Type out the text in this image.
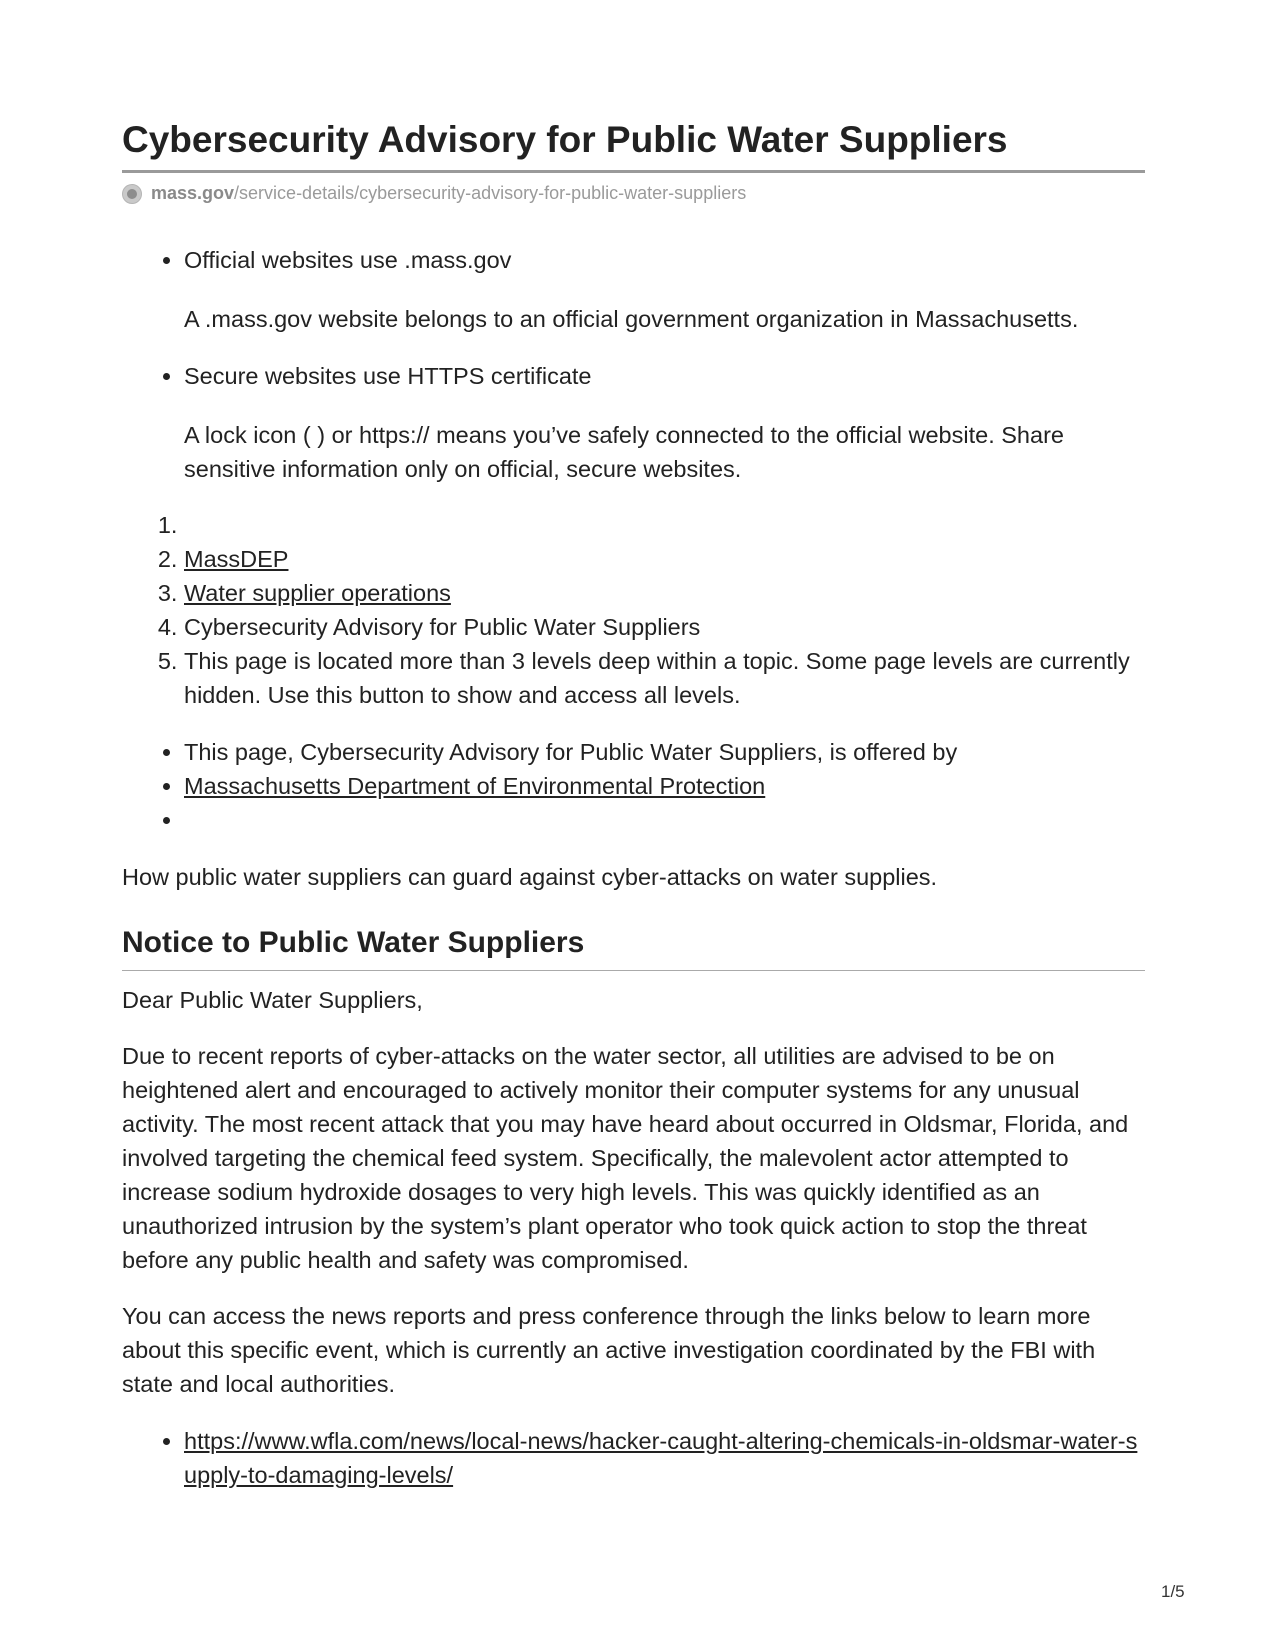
Cybersecurity Advisory for Public Water Suppliers
mass.gov /service-details/cybersecurity-advisory-for-public-water-suppliers
• Official websites use .mass.gov
A .mass.gov website belongs to an official government organization in Massachusetts.
• Secure websites use HTTPS certificate
A lock icon ( ) or https:// means you’ve safely connected to the official website. Share sensitive information only on official, secure websites.
1.
2. MassDEP
3. Water supplier operations
4. Cybersecurity Advisory for Public Water Suppliers
5. This page is located more than 3 levels deep within a topic. Some page levels are currently hidden. Use this button to show and access all levels.
• This page, Cybersecurity Advisory for Public Water Suppliers, is offered by
• Massachusetts Department of Environmental Protection
•

How public water suppliers can guard against cyber-attacks on water supplies.

Notice to Public Water Suppliers

Dear Public Water Suppliers,

Due to recent reports of cyber-attacks on the water sector, all utilities are advised to be on heightened alert and encouraged to actively monitor their computer systems for any unusual activity. The most recent attack that you may have heard about occurred in Oldsmar, Florida, and involved targeting the chemical feed system. Specifically, the malevolent actor attempted to increase sodium hydroxide dosages to very high levels. This was quickly identified as an unauthorized intrusion by the system’s plant operator who took quick action to stop the threat before any public health and safety was compromised.

You can access the news reports and press conference through the links below to learn more about this specific event, which is currently an active investigation coordinated by the FBI with state and local authorities.

• https://www.wfla.com/news/local-news/hacker-caught-altering-chemicals-in-oldsmar-water-supply-to-damaging-levels/
1/5
